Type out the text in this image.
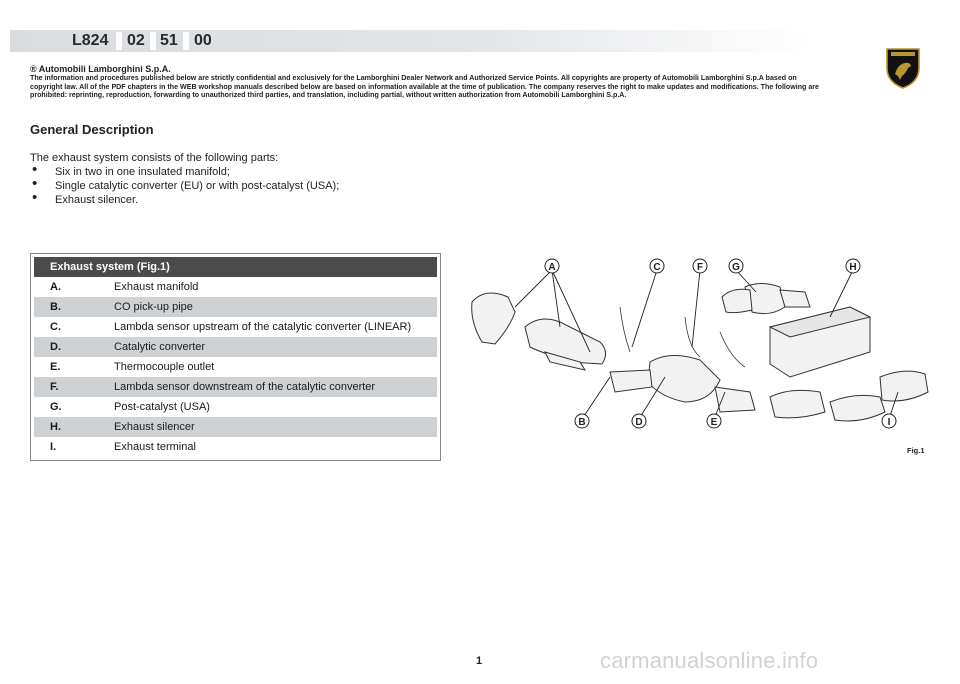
L824 02 51 00
® Automobili Lamborghini S.p.A.
The information and procedures published below are strictly confidential and exclusively for the Lamborghini Dealer Network and Authorized Service Points. All copyrights are property of Automobili Lamborghini S.p.A based on copyright law. All of the PDF chapters in the WEB workshop manuals described below are based on information available at the time of publication. The company reserves the right to make updates and modifications. The following are prohibited: reprinting, reproduction, forwarding to unauthorized third parties, and translation, including partial, without written authorization from Automobili Lamborghini S.p.A.
General Description
The exhaust system consists of the following parts:
• Six in two in one insulated manifold;
• Single catalytic converter (EU) or with post-catalyst (USA);
• Exhaust silencer.
Exhaust system (Fig.1)
A.	Exhaust manifold
B.	CO pick-up pipe
C.	Lambda sensor upstream of the catalytic converter (LINEAR)
D.	Catalytic converter
E.	Thermocouple outlet
F.	Lambda sensor downstream of the catalytic converter
G.	Post-catalyst (USA)
H.	Exhaust silencer
I.	Exhaust terminal
A	C	F	G	H
B	D	E	I
Fig.1
1	carmanualsonline.info
